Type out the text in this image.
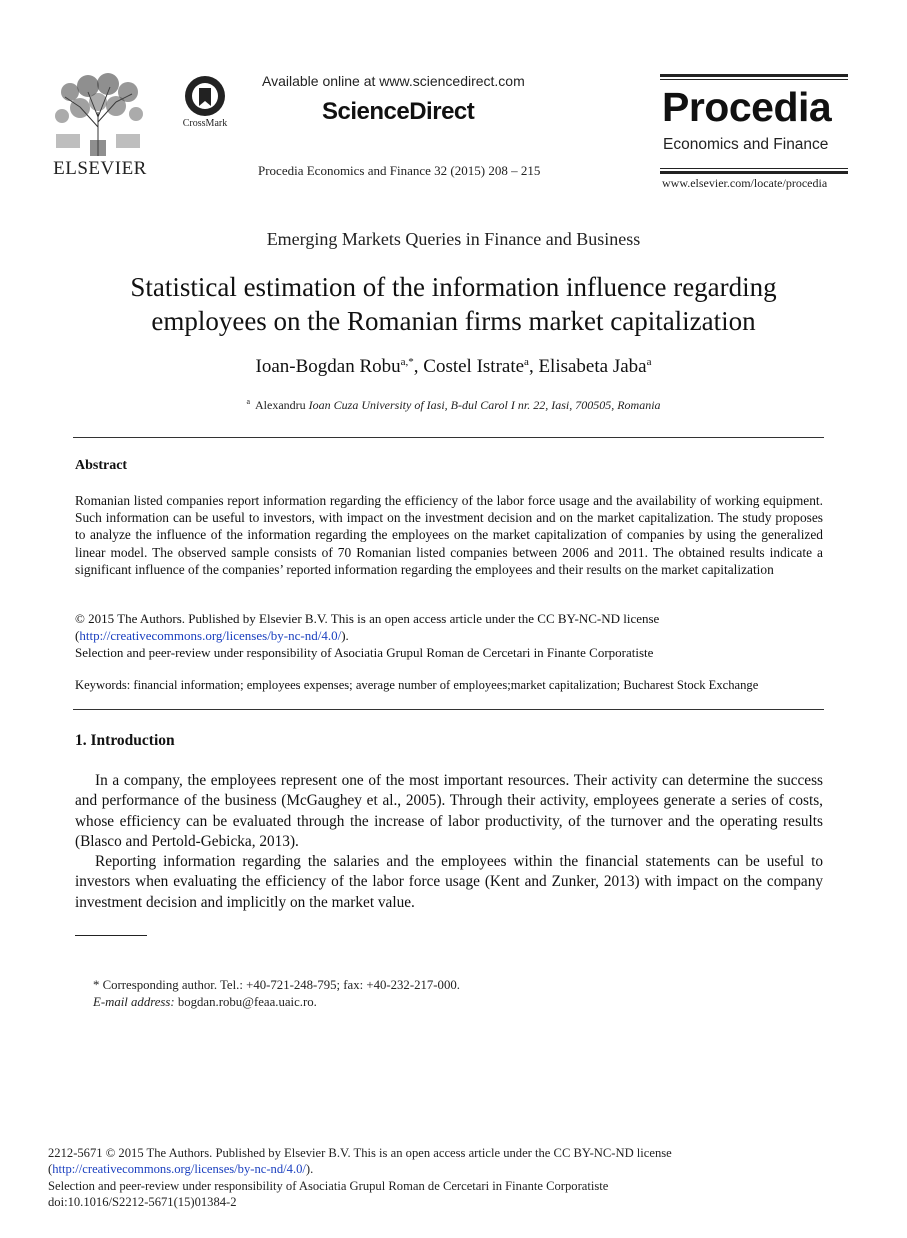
ELSEVIER
CrossMark
Available online at www.sciencedirect.com
ScienceDirect
Procedia Economics and Finance 32 (2015) 208 – 215
Procedia
Economics and Finance
www.elsevier.com/locate/procedia
Emerging Markets Queries in Finance and Business
Statistical estimation of the information influence regarding employees on the Romanian firms market capitalization
Ioan-Bogdan Robu$^{a,*}$, Costel Istrate$^a$, Elisabeta Jaba$^a$
$^a$ Alexandru Ioan Cuza University of Iasi, B-dul Carol I nr. 22, Iasi, 700505, Romania
Abstract
Romanian listed companies report information regarding the efficiency of the labor force usage and the availability of working equipment. Such information can be useful to investors, with impact on the investment decision and on the market capitalization. The study proposes to analyze the influence of the information regarding the employees on the market capitalization of companies by using the generalized linear model. The observed sample consists of 70 Romanian listed companies between 2006 and 2011. The obtained results indicate a significant influence of the companies’ reported information regarding the employees and their results on the market capitalization
© 2015 The Authors. Published by Elsevier B.V. This is an open access article under the CC BY-NC-ND license
(http://creativecommons.org/licenses/by-nc-nd/4.0/).
Selection and peer-review under responsibility of Asociatia Grupul Roman de Cercetari in Finante Corporatiste
Keywords: financial information; employees expenses; average number of employees;market capitalization; Bucharest Stock Exchange
1. Introduction

In a company, the employees represent one of the most important resources. Their activity can determine the success and performance of the business (McGaughey et al., 2005). Through their activity, employees generate a series of costs, whose efficiency can be evaluated through the increase of labor productivity, of the turnover and the operating results (Blasco and Pertold-Gebicka, 2013).

Reporting information regarding the salaries and the employees within the financial statements can be useful to investors when evaluating the efficiency of the labor force usage (Kent and Zunker, 2013) with impact on the company investment decision and implicitly on the market value.

* Corresponding author. Tel.: +40-721-248-795; fax: +40-232-217-000.
E-mail address: bogdan.robu@feaa.uaic.ro.
2212-5671 © 2015 The Authors. Published by Elsevier B.V. This is an open access article under the CC BY-NC-ND license
(http://creativecommons.org/licenses/by-nc-nd/4.0/).
Selection and peer-review under responsibility of Asociatia Grupul Roman de Cercetari in Finante Corporatiste
doi:10.1016/S2212-5671(15)01384-2
